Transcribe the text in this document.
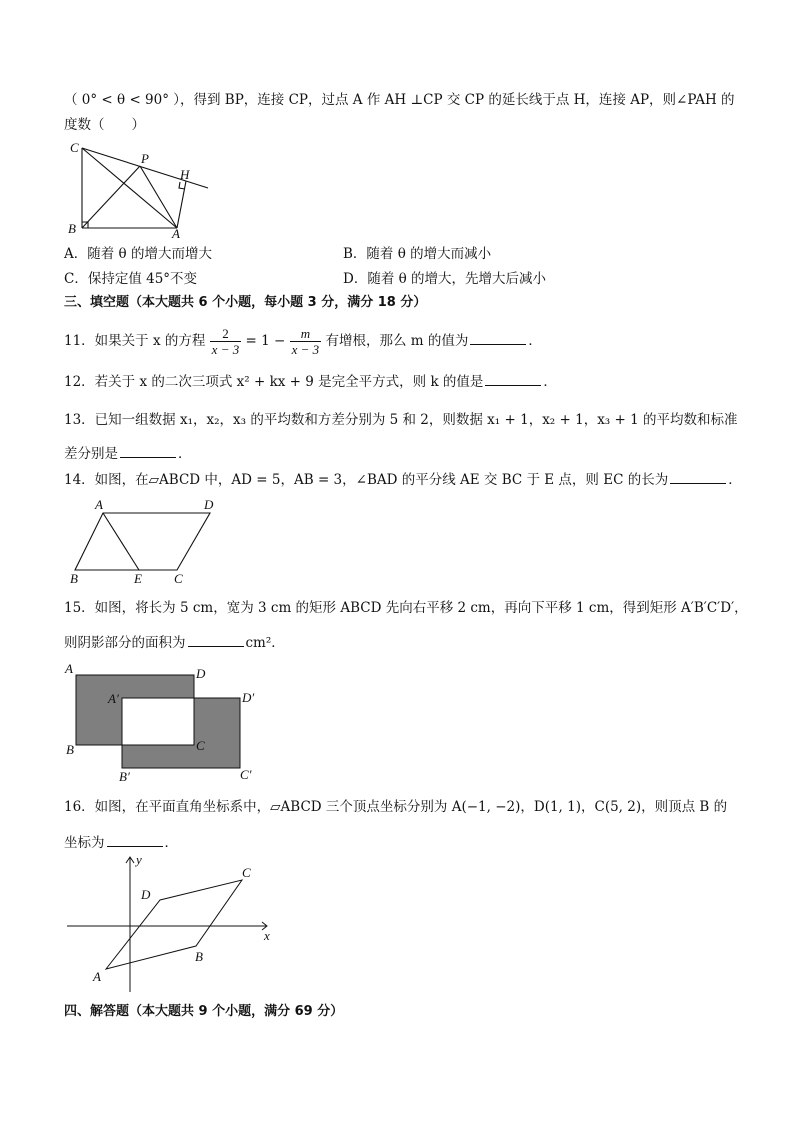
（ 0° < θ < 90° ），得到 BP，连接 CP，过点 A 作 AH ⊥CP 交 CP 的延长线于点 H，连接 AP，则∠PAH 的
度数（　　）
C
P
H
B	A
A．随着 θ 的增大而增大	B．随着 θ 的增大而减小
C．保持定值 45°不变	D．随着 θ 的增大，先增大后减小
三、填空题（本大题共 6 个小题，每小题 3 分，满分 18 分）
11．如果关于 x 的方程 $\frac{2}{x - 3} = 1 - \frac{m}{x - 3}$ 有增根，那么 m 的值为	．
12．若关于 x 的二次三项式 x² + kx + 9 是完全平方式，则 k 的值是	．
13．已知一组数据 x₁，x₂，x₃ 的平均数和方差分别为 5 和 2，则数据 x₁ + 1，x₂ + 1，x₃ + 1 的平均数和标准
差分别是	．
14．如图，在▱ABCD 中，AD = 5，AB = 3，∠BAD 的平分线 AE 交 BC 于 E 点，则 EC 的长为	．
A	D
B	E C
15．如图，将长为 5 cm，宽为 3 cm 的矩形 ABCD 先向右平移 2 cm，再向下平移 1 cm，得到矩形 A′B′C′D′，
则阴影部分的面积为	cm²．
A	D
A′	D′
B	C
B′	C′
16．如图，在平面直角坐标系中，▱ABCD 三个顶点坐标分别为 A(−1, −2)，D(1, 1)，C(5, 2)，则顶点 B 的
坐标为	．
y
x
C
D
A
B
四、解答题（本大题共 9 个小题，满分 69 分）
